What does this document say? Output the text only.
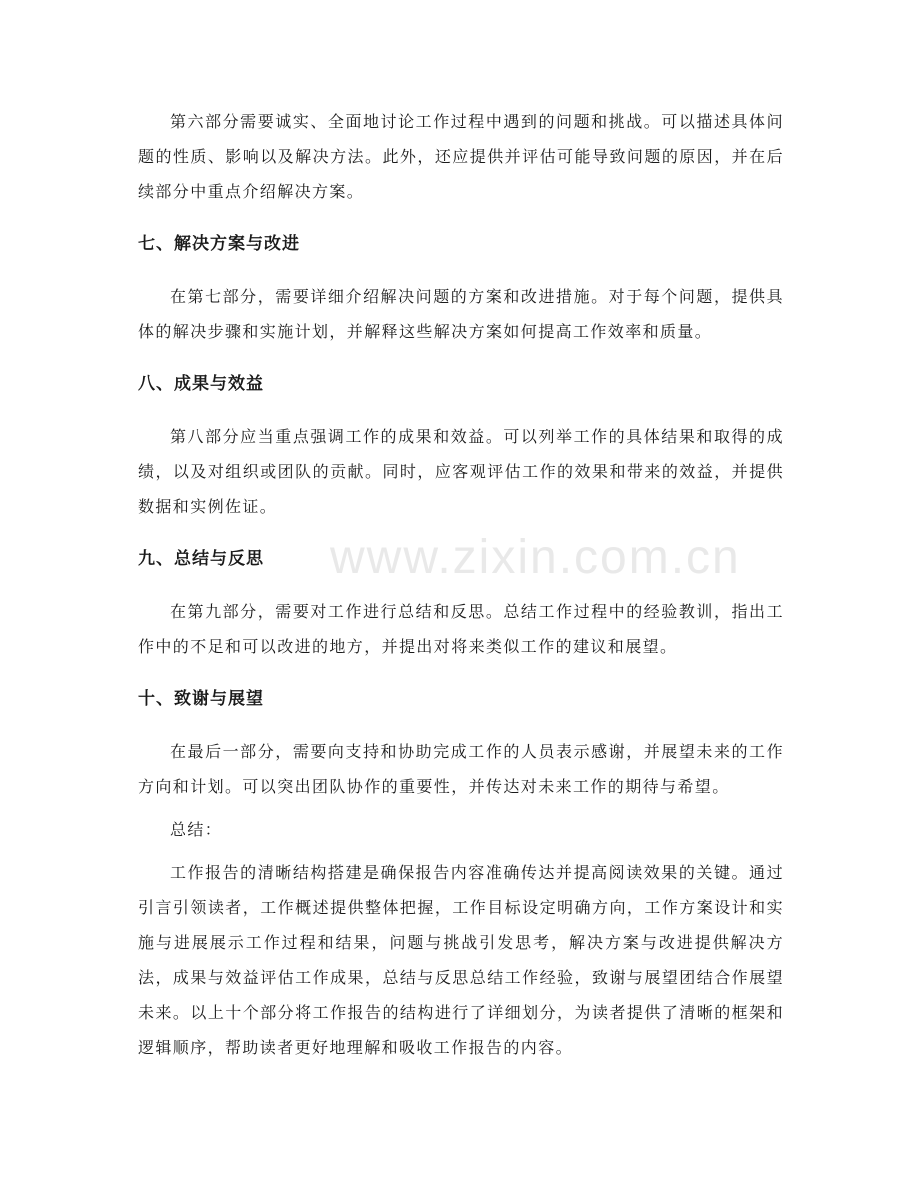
www.zixin.com.cn

第六部分需要诚实、全面地讨论工作过程中遇到的问题和挑战。可以描述具体问题的性质、影响以及解决方法。此外，还应提供并评估可能导致问题的原因，并在后续部分中重点介绍解决方案。

七、解决方案与改进

在第七部分，需要详细介绍解决问题的方案和改进措施。对于每个问题，提供具体的解决步骤和实施计划，并解释这些解决方案如何提高工作效率和质量。

八、成果与效益

第八部分应当重点强调工作的成果和效益。可以列举工作的具体结果和取得的成绩，以及对组织或团队的贡献。同时，应客观评估工作的效果和带来的效益，并提供数据和实例佐证。

九、总结与反思

在第九部分，需要对工作进行总结和反思。总结工作过程中的经验教训，指出工作中的不足和可以改进的地方，并提出对将来类似工作的建议和展望。

十、致谢与展望

在最后一部分，需要向支持和协助完成工作的人员表示感谢，并展望未来的工作方向和计划。可以突出团队协作的重要性，并传达对未来工作的期待与希望。

总结：

工作报告的清晰结构搭建是确保报告内容准确传达并提高阅读效果的关键。通过引言引领读者，工作概述提供整体把握，工作目标设定明确方向，工作方案设计和实施与进展展示工作过程和结果，问题与挑战引发思考，解决方案与改进提供解决方法，成果与效益评估工作成果，总结与反思总结工作经验，致谢与展望团结合作展望未来。以上十个部分将工作报告的结构进行了详细划分，为读者提供了清晰的框架和逻辑顺序，帮助读者更好地理解和吸收工作报告的内容。
